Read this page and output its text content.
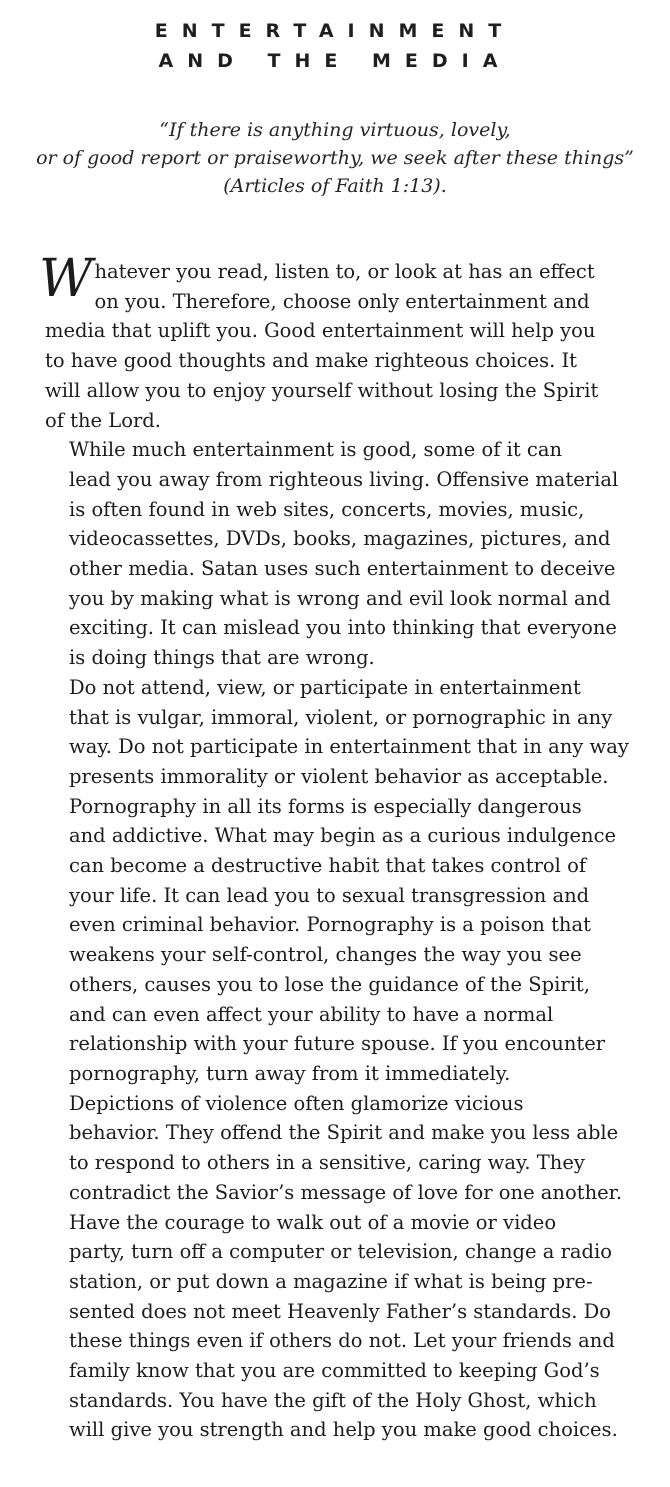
ENTERTAINMENT
AND THE MEDIA
“If there is anything virtuous, lovely,
or of good report or praiseworthy, we seek after these things”
(Articles of Faith 1:13).

W hatever you read, listen to, or look at has an effect
on you. Therefore, choose only entertainment and
media that uplift you. Good entertainment will help you
to have good thoughts and make righteous choices. It
will allow you to enjoy yourself without losing the Spirit
of the Lord.

While much entertainment is good, some of it can
lead you away from righteous living. Offensive material
is often found in web sites, concerts, movies, music,
videocassettes, DVDs, books, magazines, pictures, and
other media. Satan uses such entertainment to deceive
you by making what is wrong and evil look normal and
exciting. It can mislead you into thinking that everyone
is doing things that are wrong.

Do not attend, view, or participate in entertainment
that is vulgar, immoral, violent, or pornographic in any
way. Do not participate in entertainment that in any way
presents immorality or violent behavior as acceptable.

Pornography in all its forms is especially dangerous
and addictive. What may begin as a curious indulgence
can become a destructive habit that takes control of
your life. It can lead you to sexual transgression and
even criminal behavior. Pornography is a poison that
weakens your self-control, changes the way you see
others, causes you to lose the guidance of the Spirit,
and can even affect your ability to have a normal
relationship with your future spouse. If you encounter
pornography, turn away from it immediately.

Depictions of violence often glamorize vicious
behavior. They offend the Spirit and make you less able
to respond to others in a sensitive, caring way. They
contradict the Savior’s message of love for one another.

Have the courage to walk out of a movie or video
party, turn off a computer or television, change a radio
station, or put down a magazine if what is being pre-
sented does not meet Heavenly Father’s standards. Do
these things even if others do not. Let your friends and
family know that you are committed to keeping God’s
standards. You have the gift of the Holy Ghost, which
will give you strength and help you make good choices.
